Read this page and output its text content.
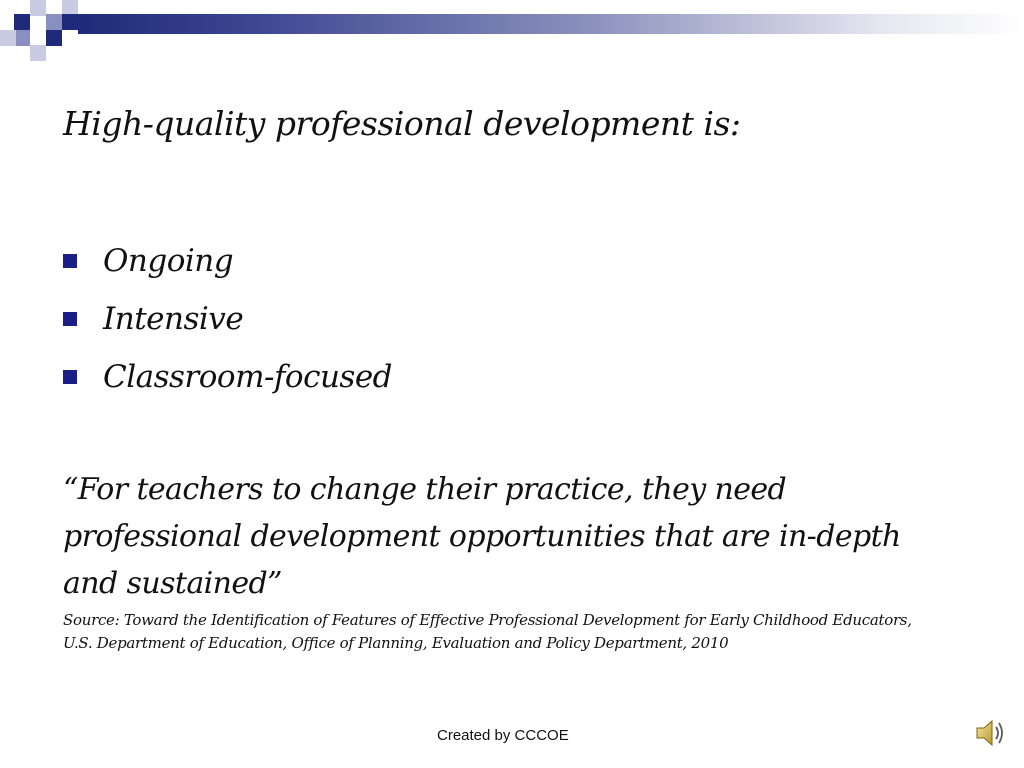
High-quality professional development is:
Ongoing
Intensive
Classroom-focused
“For teachers to change their practice, they need professional development opportunities that are in-depth and sustained”
Source: Toward the Identification of Features of Effective Professional Development for Early Childhood Educators, U.S. Department of Education, Office of Planning, Evaluation and Policy Department, 2010
Created by CCCOE
